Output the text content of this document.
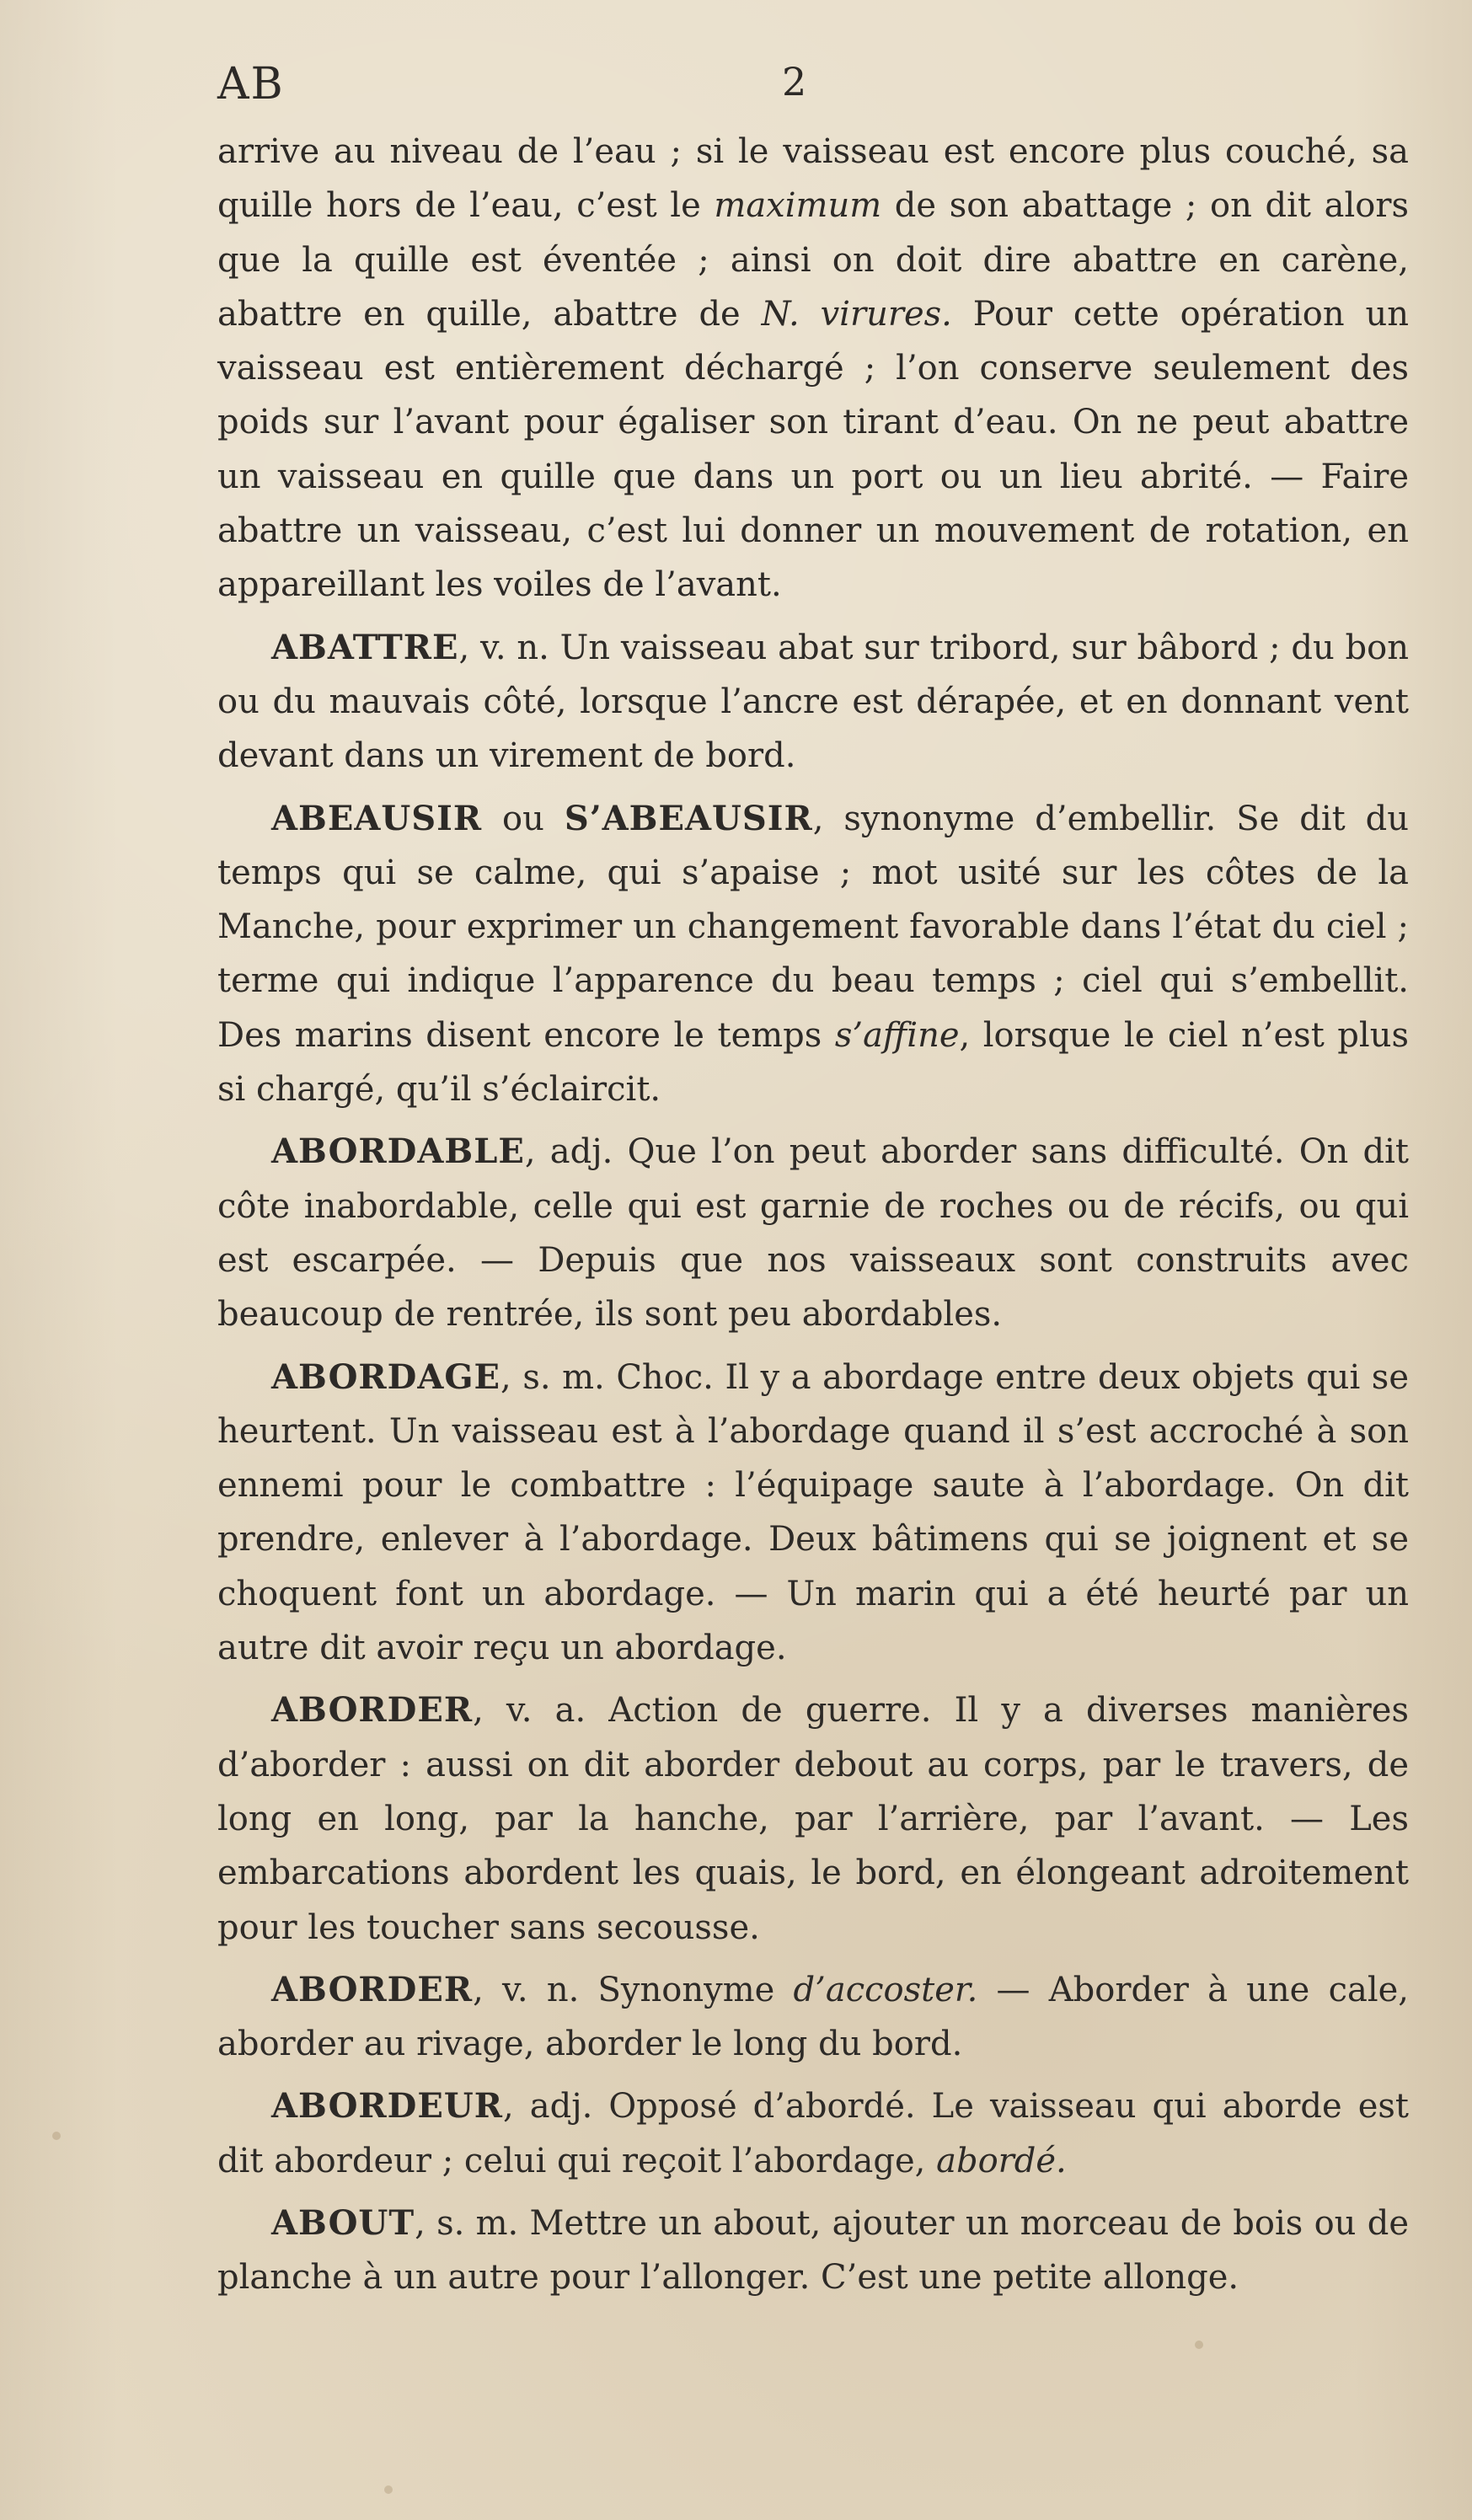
AB	2

arrive au niveau de l’eau ; si le vaisseau est encore plus couché, sa quille hors de l’eau, c’est le maximum de son abattage ; on dit alors que la quille est éventée ; ainsi on doit dire abattre en carène, abattre en quille, abattre de N. virures. Pour cette opération un vaisseau est entièrement déchargé ; l’on conserve seulement des poids sur l’avant pour égaliser son tirant d’eau. On ne peut abattre un vaisseau en quille que dans un port ou un lieu abrité. — Faire abattre un vaisseau, c’est lui donner un mouvement de rotation, en appareillant les voiles de l’avant.

ABATTRE, v. n. Un vaisseau abat sur tribord, sur bâbord ; du bon ou du mauvais côté, lorsque l’ancre est dérapée, et en donnant vent devant dans un virement de bord.

ABEAUSIR ou S’ABEAUSIR, synonyme d’embellir. Se dit du temps qui se calme, qui s’apaise ; mot usité sur les côtes de la Manche, pour exprimer un changement favorable dans l’état du ciel ; terme qui indique l’apparence du beau temps ; ciel qui s’embellit. Des marins disent encore le temps s’affine, lorsque le ciel n’est plus si chargé, qu’il s’éclaircit.

ABORDABLE, adj. Que l’on peut aborder sans difficulté. On dit côte inabordable, celle qui est garnie de roches ou de récifs, ou qui est escarpée. — Depuis que nos vaisseaux sont construits avec beaucoup de rentrée, ils sont peu abordables.

ABORDAGE, s. m. Choc. Il y a abordage entre deux objets qui se heurtent. Un vaisseau est à l’abordage quand il s’est accroché à son ennemi pour le combattre : l’équipage saute à l’abordage. On dit prendre, enlever à l’abordage. Deux bâtimens qui se joignent et se choquent font un abordage. — Un marin qui a été heurté par un autre dit avoir reçu un abordage.

ABORDER, v. a. Action de guerre. Il y a diverses manières d’aborder : aussi on dit aborder debout au corps, par le travers, de long en long, par la hanche, par l’arrière, par l’avant. — Les embarcations abordent les quais, le bord, en élongeant adroitement pour les toucher sans secousse.

ABORDER, v. n. Synonyme d’accoster. — Aborder à une cale, aborder au rivage, aborder le long du bord.

ABORDEUR, adj. Opposé d’abordé. Le vaisseau qui aborde est dit abordeur ; celui qui reçoit l’abordage, abordé.

ABOUT, s. m. Mettre un about, ajouter un morceau de bois ou de planche à un autre pour l’allonger. C’est une petite allonge.
